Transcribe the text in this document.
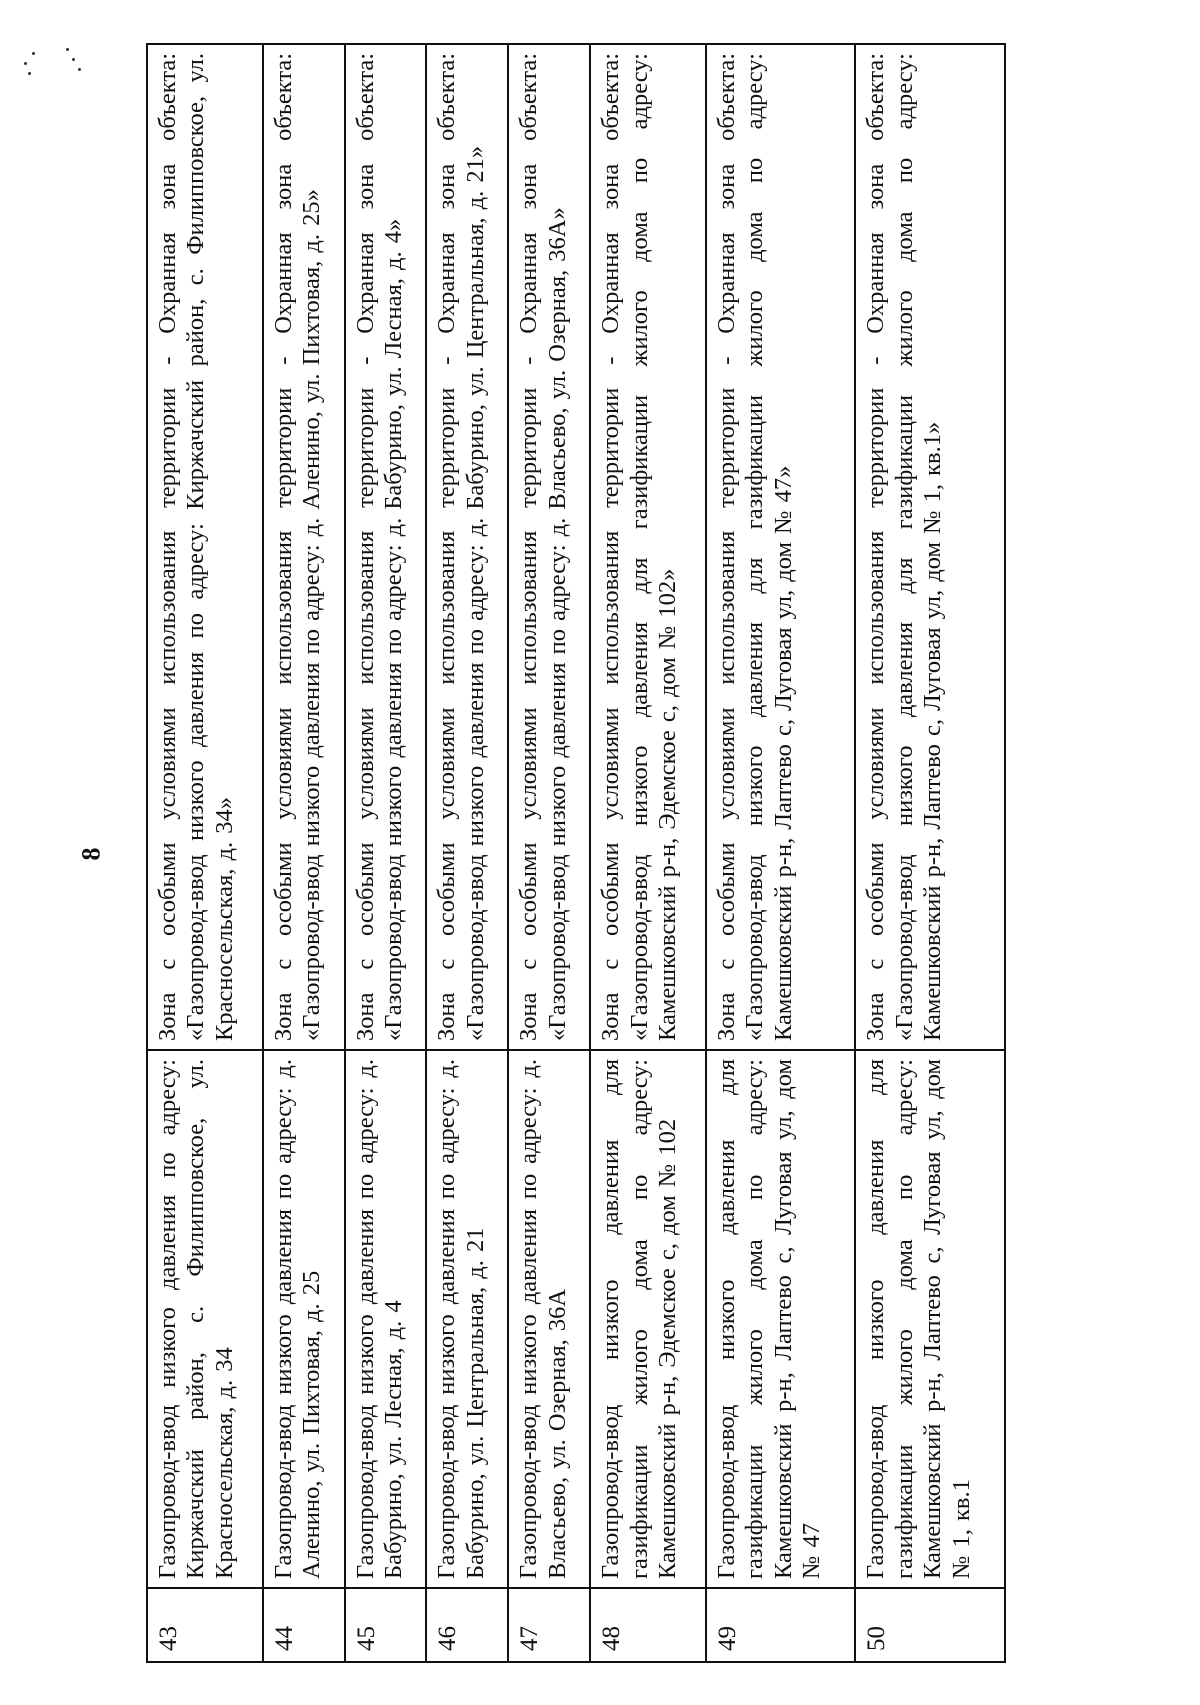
8
43	Газопровод-ввод низкого давления по адресу: Киржачский район, с. Филипповское, ул. Красносельская, д. 34	Зона с особыми условиями использования территории - Охранная зона объекта: «Газопровод-ввод низкого давления по адресу: Киржачский район, с. Филипповское, ул. Красносельская, д. 34»
44	Газопровод-ввод низкого давления по адресу: д. Аленино, ул. Пихтовая, д. 25	Зона с особыми условиями использования территории - Охранная зона объекта: «Газопровод-ввод низкого давления по адресу: д. Аленино, ул. Пихтовая, д. 25»
45	Газопровод-ввод низкого давления по адресу: д. Бабурино, ул. Лесная, д. 4	Зона с особыми условиями использования территории - Охранная зона объекта: «Газопровод-ввод низкого давления по адресу: д. Бабурино, ул. Лесная, д. 4»
46	Газопровод-ввод низкого давления по адресу: д. Бабурино, ул. Центральная, д. 21	Зона с особыми условиями использования территории - Охранная зона объекта: «Газопровод-ввод низкого давления по адресу: д. Бабурино, ул. Центральная, д. 21»
47	Газопровод-ввод низкого давления по адресу: д. Власьево, ул. Озерная, 36А	Зона с особыми условиями использования территории - Охранная зона объекта: «Газопровод-ввод низкого давления по адресу: д. Власьево, ул. Озерная, 36А»
48	Газопровод-ввод низкого давления для газификации жилого дома по адресу: Камешковский р-н, Эдемское с, дом № 102	Зона с особыми условиями использования территории - Охранная зона объекта: «Газопровод-ввод низкого давления для газификации жилого дома по адресу: Камешковский р-н, Эдемское с, дом № 102»
49	Газопровод-ввод низкого давления для газификации жилого дома по адресу: Камешковский р-н, Лаптево с, Луговая ул, дом № 47	Зона с особыми условиями использования территории - Охранная зона объекта: «Газопровод-ввод низкого давления для газификации жилого дома по адресу: Камешковский р-н, Лаптево с, Луговая ул, дом № 47»
50	Газопровод-ввод низкого давления для газификации жилого дома по адресу: Камешковский р-н, Лаптево с, Луговая ул, дом № 1, кв.1	Зона с особыми условиями использования территории - Охранная зона объекта: «Газопровод-ввод низкого давления для газификации жилого дома по адресу: Камешковский р-н, Лаптево с, Луговая ул, дом № 1, кв.1»
